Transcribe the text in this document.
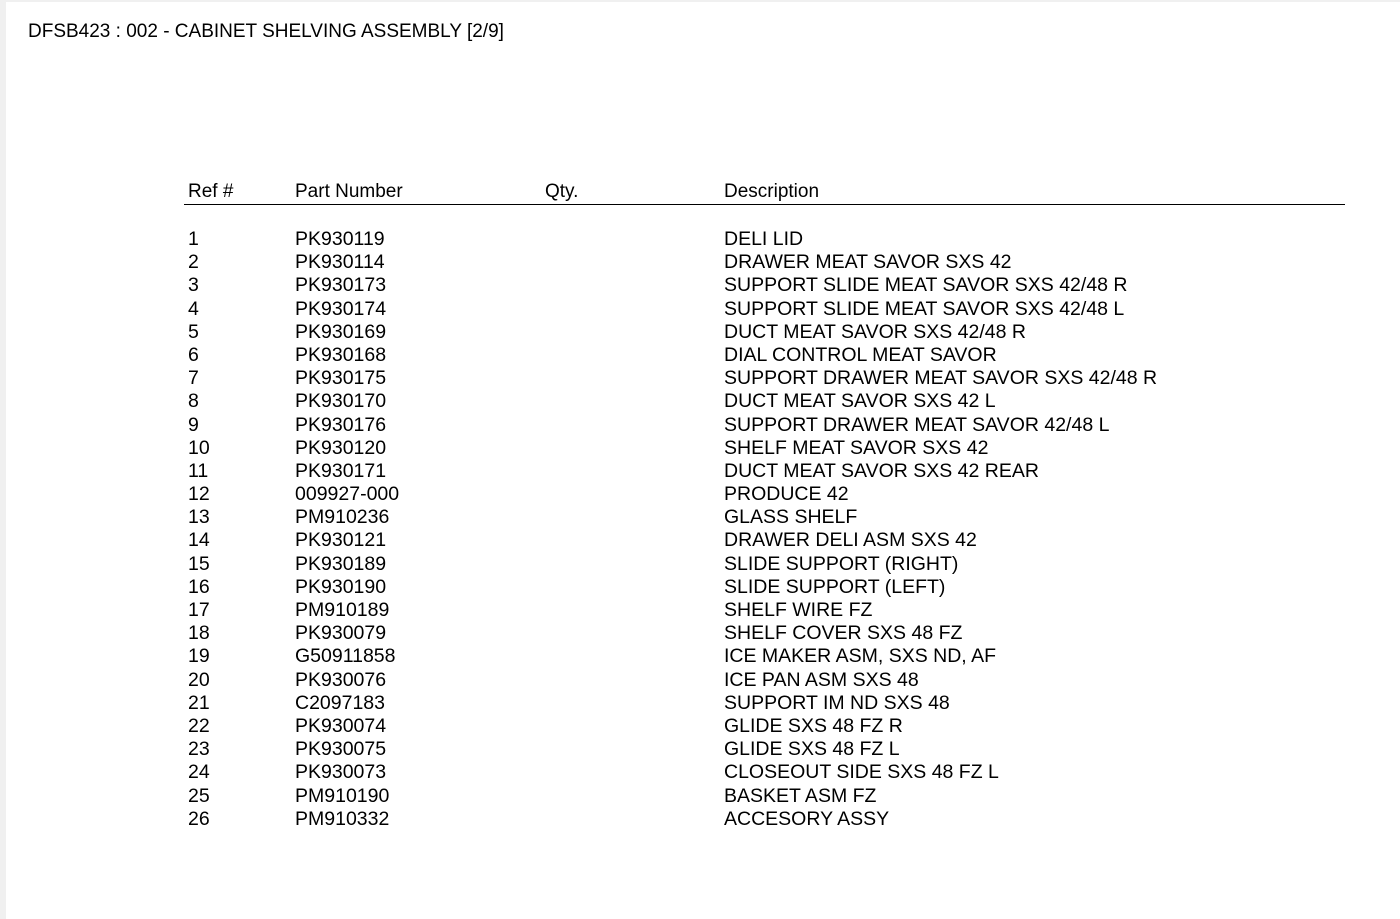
DFSB423 : 002 - CABINET SHELVING ASSEMBLY [2/9]
Ref #	Part Number	Qty.	Description
1	PK930119	DELI LID
2	PK930114	DRAWER MEAT SAVOR SXS 42
3	PK930173	SUPPORT SLIDE MEAT SAVOR SXS 42/48 R
4	PK930174	SUPPORT SLIDE MEAT SAVOR SXS 42/48 L
5	PK930169	DUCT MEAT SAVOR SXS 42/48 R
6	PK930168	DIAL CONTROL MEAT SAVOR
7	PK930175	SUPPORT DRAWER MEAT SAVOR SXS 42/48 R
8	PK930170	DUCT MEAT SAVOR SXS 42 L
9	PK930176	SUPPORT DRAWER MEAT SAVOR 42/48 L
10	PK930120	SHELF MEAT SAVOR SXS 42
11	PK930171	DUCT MEAT SAVOR SXS 42 REAR
12	009927-000	PRODUCE 42
13	PM910236	GLASS SHELF
14	PK930121	DRAWER DELI ASM SXS 42
15	PK930189	SLIDE SUPPORT (RIGHT)
16	PK930190	SLIDE SUPPORT (LEFT)
17	PM910189	SHELF WIRE FZ
18	PK930079	SHELF COVER SXS 48 FZ
19	G50911858	ICE MAKER ASM, SXS ND, AF
20	PK930076	ICE PAN ASM SXS 48
21	C2097183	SUPPORT IM ND SXS 48
22	PK930074	GLIDE SXS 48 FZ R
23	PK930075	GLIDE SXS 48 FZ L
24	PK930073	CLOSEOUT SIDE SXS 48 FZ L
25	PM910190	BASKET ASM FZ
26	PM910332	ACCESORY ASSY
